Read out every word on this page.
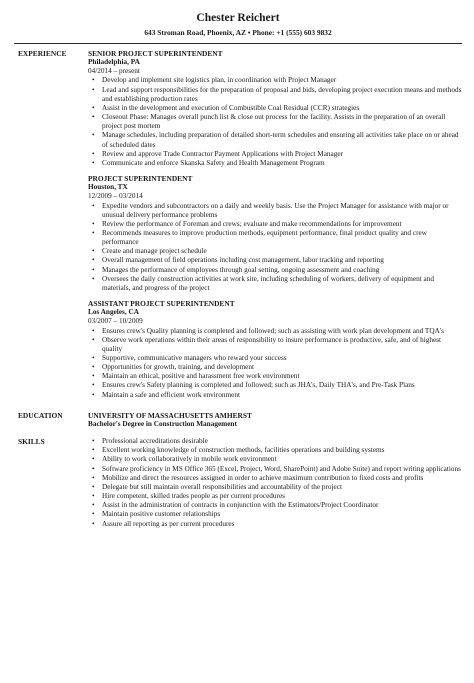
Chester Reichert
643 Stroman Road, Phoenix, AZ • Phone: +1 (555) 603 9832
EXPERIENCE	SENIOR PROJECT SUPERINTENDENT
Philadelphia, PA
04/2014 – present
• Develop and implement site logistics plan, in coordination with Project Manager
• Lead and support responsibilities for the preparation of proposal and bids, developing project execution means and methods and establishing production rates
• Assist in the development and execution of Combustible Coal Residual (CCR) strategies
• Closeout Phase: Manages overall punch list & close out process for the facility. Assists in the preparation of an overall project post mortem
• Manage schedules, including preparation of detailed short-term schedules and ensuring all activities take place on or ahead of scheduled dates
• Review and approve Trade Contractor Payment Applications with Project Manager
• Communicate and enforce Skanska Safety and Health Management Program
PROJECT SUPERINTENDENT
Houston, TX
12/2009 – 03/2014
• Expedite vendors and subcontractors on a daily and weekly basis. Use the Project Manager for assistance with major or unusual delivery performance problems
• Review the performance of Foreman and crews; evaluate and make recommendations for improvement
• Recommends measures to improve production methods, equipment performance, final product quality and crew performance
• Create and manage project schedule
• Overall management of field operations including cost management, labor tracking and reporting
• Manages the performance of employees through goal setting, ongoing assessment and coaching
• Oversees the daily construction activities at work site, including scheduling of workers, delivery of equipment and materials, and progress of the project
ASSISTANT PROJECT SUPERINTENDENT
Los Angeles, CA
03/2007 – 10/2009
• Ensures crew's Quality planning is completed and followed; such as assisting with work plan development and TQA's
• Observe work operations within their areas of responsibility to insure performance is productive, safe, and of highest quality
• Supportive, communicative managers who reward your success
• Opportunities for growth, training, and development
• Maintain an ethical, positive and harassment free work environment
• Ensures crew's Safety planning is completed and followed; such as JHA's, Daily THA's, and Pre-Task Plans
• Maintain a safe and efficient work environment
EDUCATION	UNIVERSITY OF MASSACHUSETTS AMHERST
Bachelor's Degree in Construction Management
SKILLS
•	Professional accreditations desirable
• Excellent working knowledge of construction methods, facilities operations and building systems
• Ability to work collaboratively in mobile work environment
• Software proficiency in MS Office 365 (Excel, Project, Word, SharePoint) and Adobe Suite) and report writing applications
• Mobilize and direct the resources assigned in order to achieve maximum contribution to fixed costs and profits
• Delegate but still maintain overall responsibilities and accountability of the project
• Hire competent, skilled trades people as per current procedures
• Assist in the administration of contracts in conjunction with the Estimators/Project Coordinator
• Maintain positive customer relationships
• Assure all reporting as per current procedures
